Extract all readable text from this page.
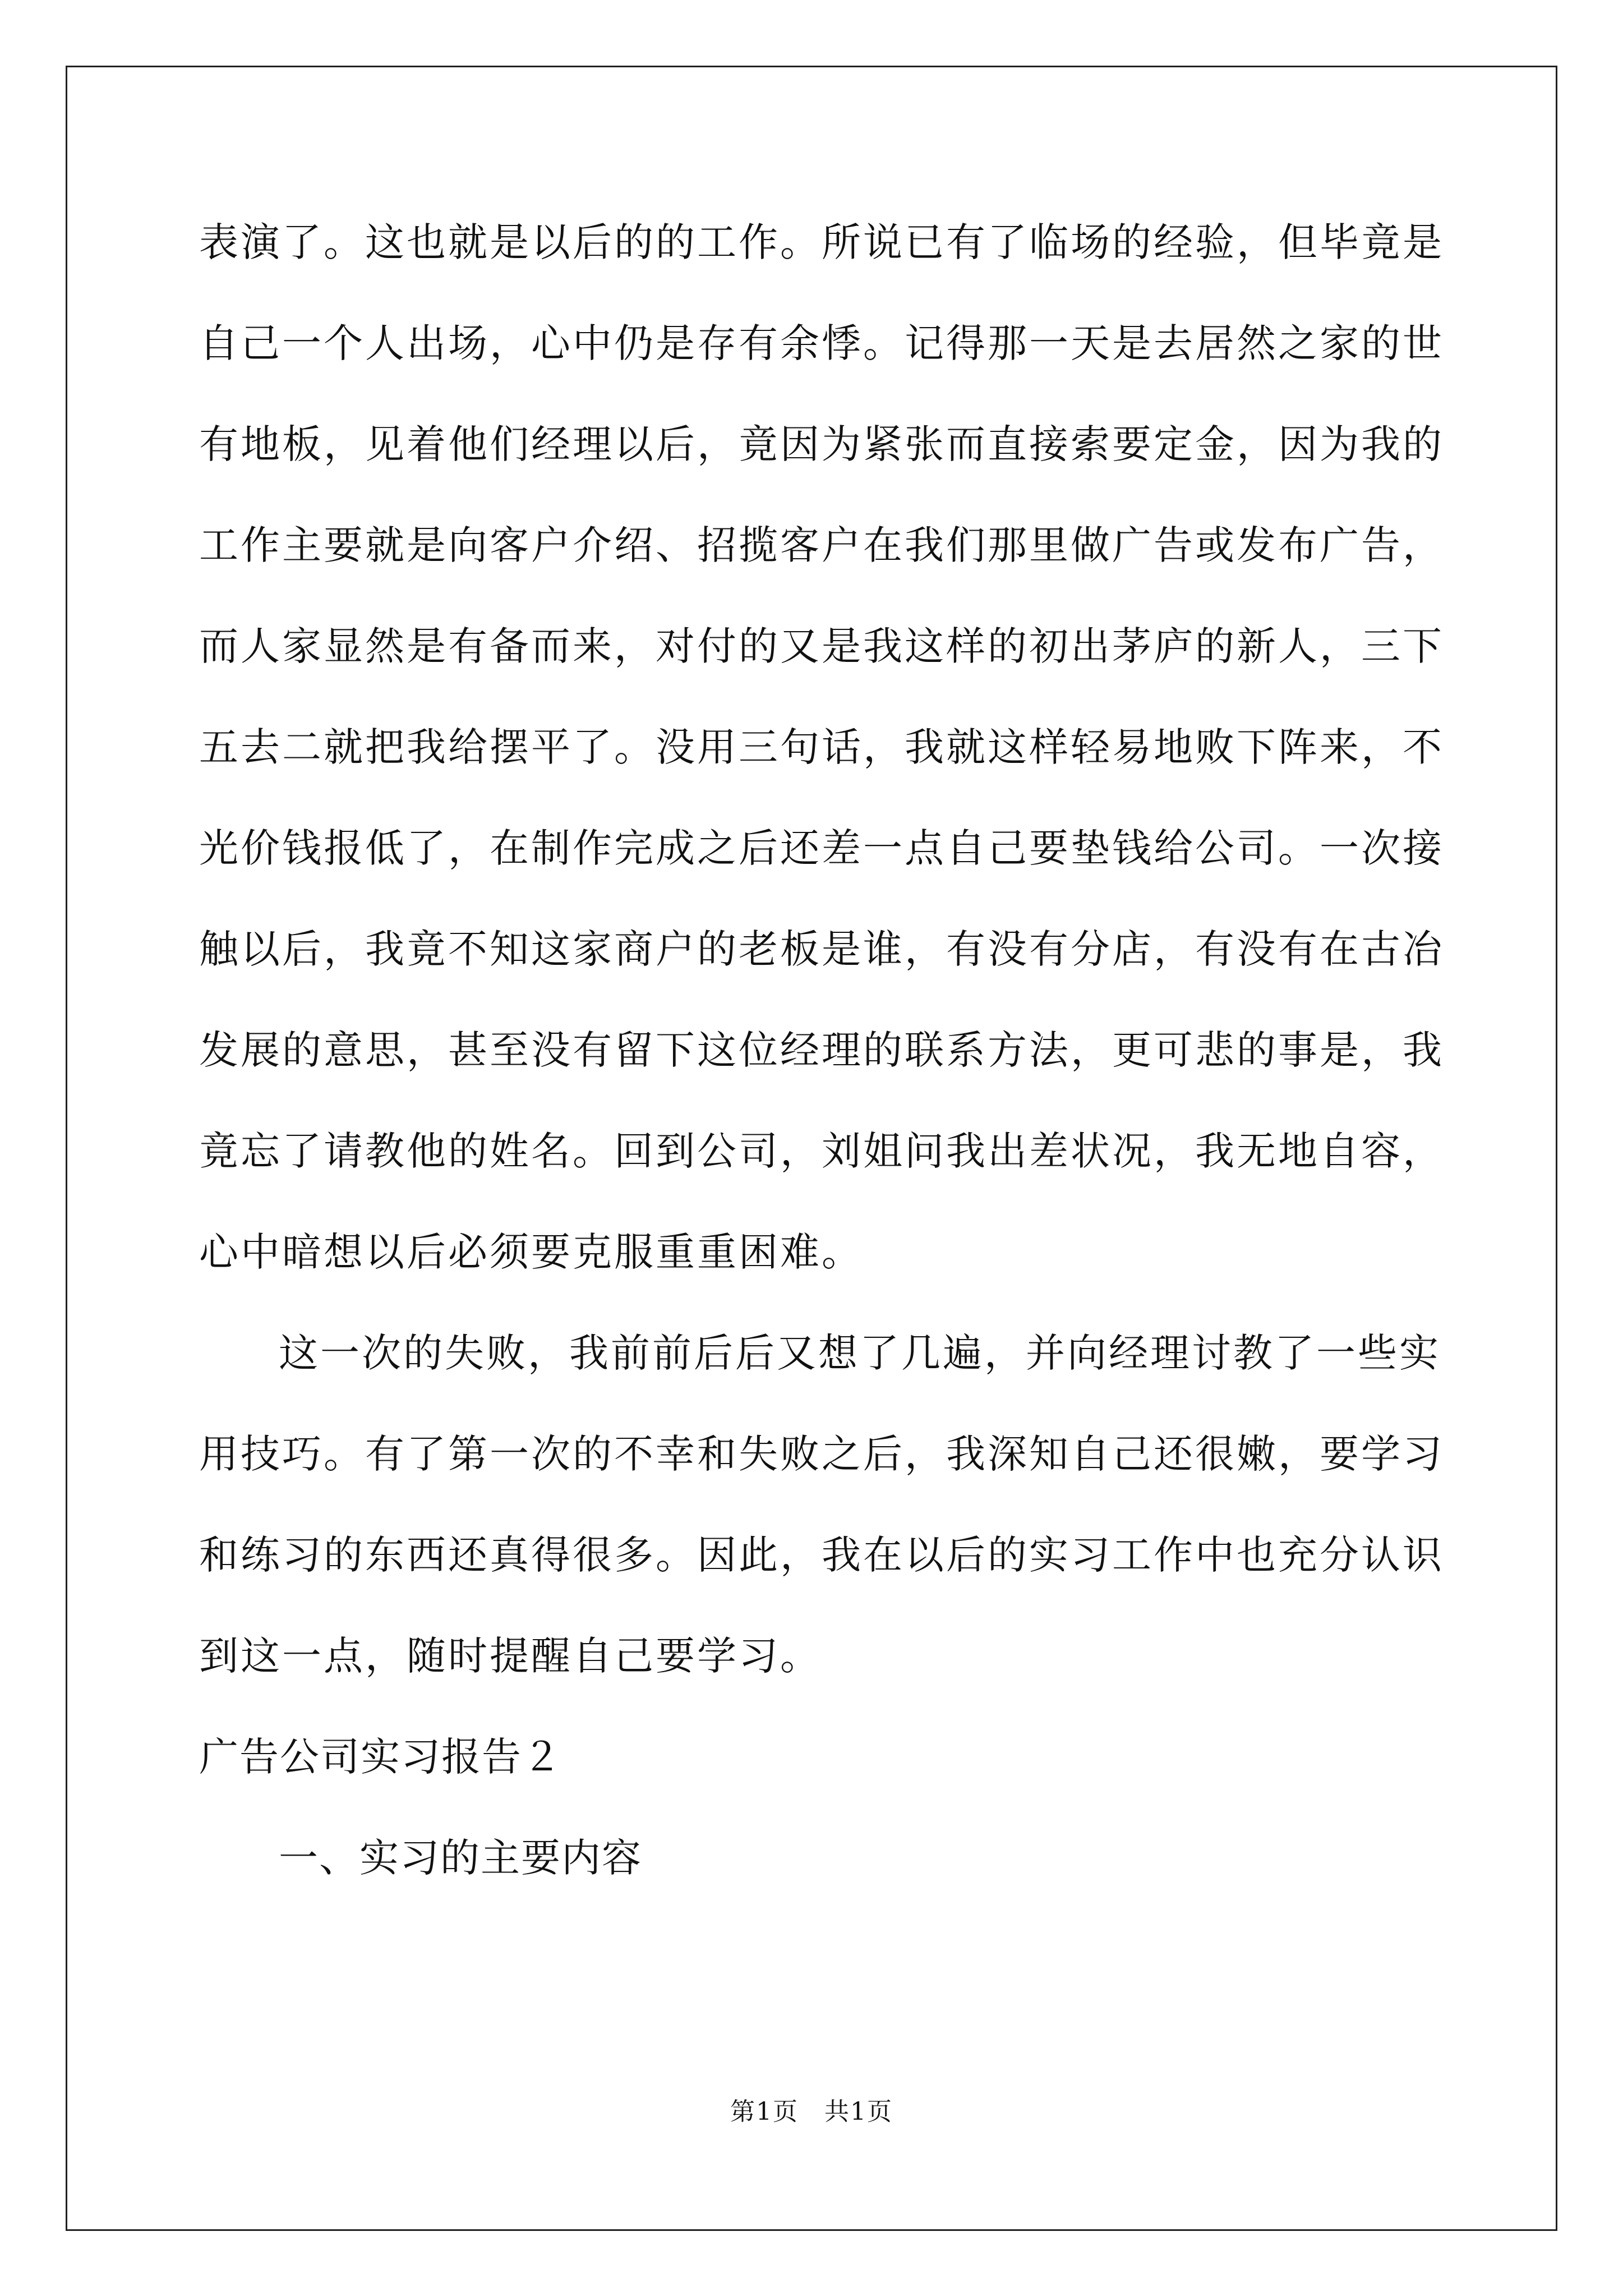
表演了。这也就是以后的的工作。所说已有了临场的经验，但毕竟是
自己一个人出场，心中仍是存有余悸。记得那一天是去居然之家的世
有地板，见着他们经理以后，竟因为紧张而直接索要定金，因为我的
工作主要就是向客户介绍、招揽客户在我们那里做广告或发布广告，
而人家显然是有备而来，对付的又是我这样的初出茅庐的新人，三下
五去二就把我给摆平了。没用三句话，我就这样轻易地败下阵来，不
光价钱报低了，在制作完成之后还差一点自己要垫钱给公司。一次接
触以后，我竟不知这家商户的老板是谁，有没有分店，有没有在古冶
发展的意思，甚至没有留下这位经理的联系方法，更可悲的事是，我
竟忘了请教他的姓名。回到公司，刘姐问我出差状况，我无地自容，
心中暗想以后必须要克服重重困难。
这一次的失败，我前前后后又想了几遍，并向经理讨教了一些实
用技巧。有了第一次的不幸和失败之后，我深知自己还很嫩，要学习
和练习的东西还真得很多。因此，我在以后的实习工作中也充分认识
到这一点，随时提醒自己要学习。
广告公司实习报告２
一、实习的主要内容
第1页　共1页
